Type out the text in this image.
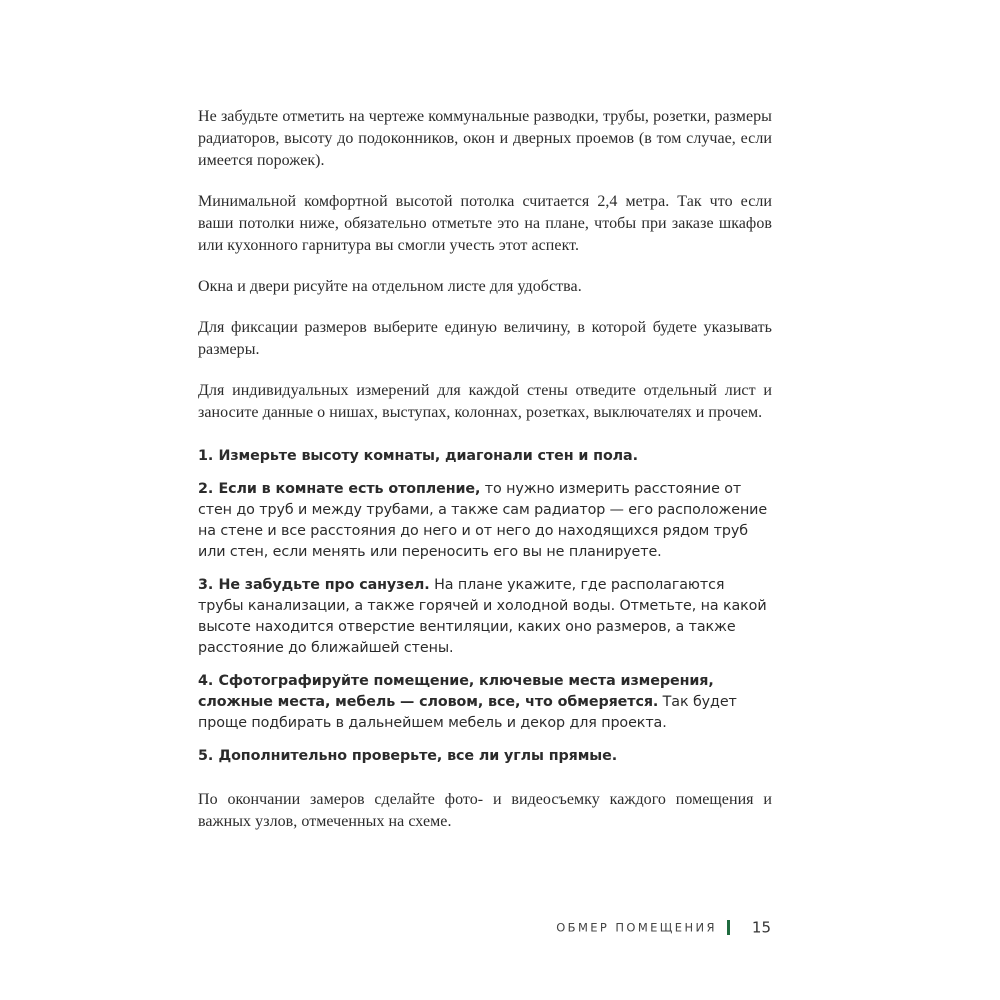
Не забудьте отметить на чертеже коммунальные разводки, трубы, розетки, размеры радиаторов, высоту до подоконников, окон и дверных проемов (в том случае, если имеется порожек).

Минимальной комфортной высотой потолка считается 2,4 метра. Так что если ваши потолки ниже, обязательно отметьте это на плане, чтобы при заказе шкафов или кухонного гарнитура вы смогли учесть этот аспект.

Окна и двери рисуйте на отдельном листе для удобства.

Для фиксации размеров выберите единую величину, в которой будете указывать размеры.

Для индивидуальных измерений для каждой стены отведите отдельный лист и заносите данные о нишах, выступах, колоннах, розетках, выключателях и прочем.

1. Измерьте высоту комнаты, диагонали стен и пола.
2. Если в комнате есть отопление, то нужно измерить расстояние от стен до труб и между трубами, а также сам радиатор — его расположение на стене и все расстояния до него и от него до находящихся рядом труб или стен, если менять или переносить его вы не планируете.
3. Не забудьте про санузел. На плане укажите, где располагаются трубы канализации, а также горячей и холодной воды. Отметьте, на какой высоте находится отверстие вентиляции, каких оно размеров, а также расстояние до ближайшей стены.
4. Сфотографируйте помещение, ключевые места измерения, сложные места, мебель — словом, все, что обмеряется. Так будет проще подбирать в дальнейшем мебель и декор для проекта.
5. Дополнительно проверьте, все ли углы прямые.

По окончании замеров сделайте фото- и видеосъемку каждого помещения и важных узлов, отмеченных на схеме.

ОБМЕР ПОМЕЩЕНИЯ 15
